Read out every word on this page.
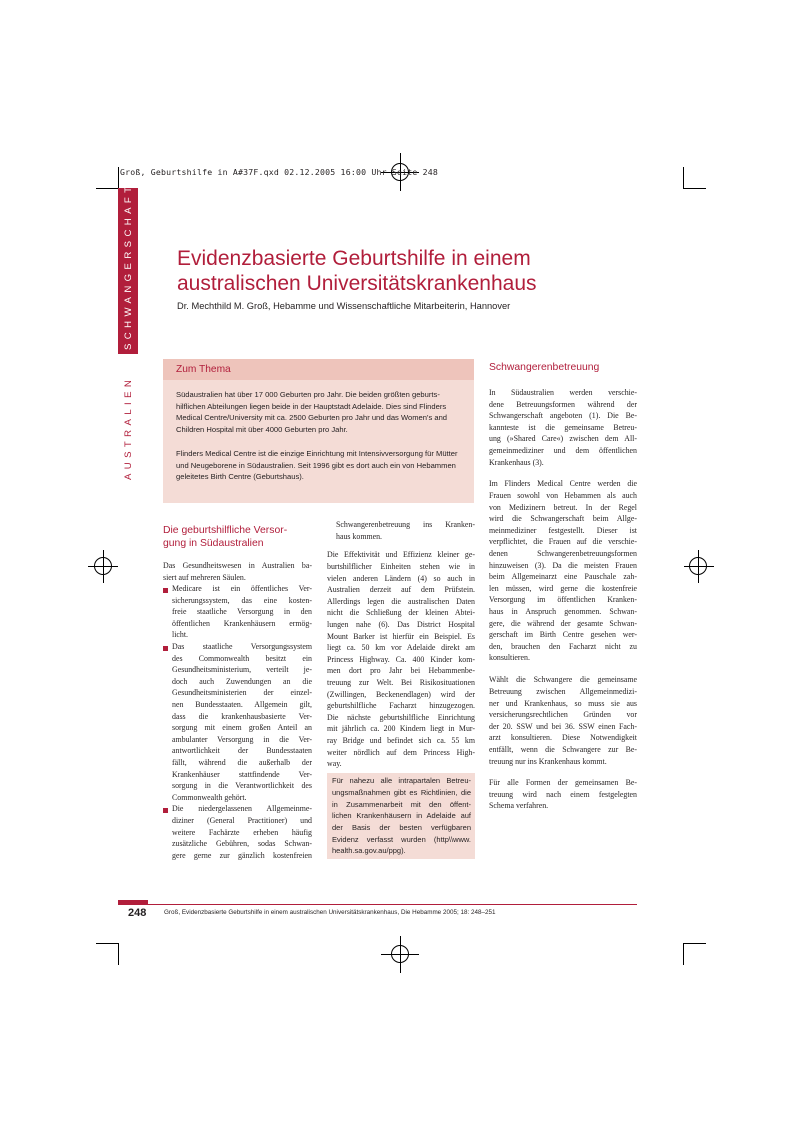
Groß, Geburtshilfe in A#37F.qxd 02.12.2005 16:00 Uhr Seite 248
SCHWANGERSCHAFT
AUSTRALIEN
Evidenzbasierte Geburtshilfe in einem australischen Universitätskrankenhaus
Dr. Mechthild M. Groß, Hebamme und Wissenschaftliche Mitarbeiterin, Hannover
Zum Thema

Südaustralien hat über 17 000 Geburten pro Jahr. Die beiden größten geburts-hilflichen Abteilungen liegen beide in der Hauptstadt Adelaide. Dies sind Flinders Medical Centre/University mit ca. 2500 Geburten pro Jahr und das Women's and Children Hospital mit über 4000 Geburten pro Jahr.

Flinders Medical Centre ist die einzige Einrichtung mit Intensivversorgung für Mütter und Neugeborene in Südaustralien. Seit 1996 gibt es dort auch ein von Hebammen geleitetes Birth Centre (Geburtshaus).

Die geburtshilfliche Versor-

gung in Südaustralien

Das Gesundheitswesen in Australien ba-
siert auf mehreren Säulen.
Medicare ist ein öffentliches Ver-
sicherungssystem, das eine kosten-
freie staatliche Versorgung in den
öffentlichen Krankenhäusern ermög-
licht.
Das staatliche Versorgungssystem
des Commonwealth besitzt ein
Gesundheitsministerium, verteilt je-
doch auch Zuwendungen an die
Gesundheitsministerien der einzel-
nen Bundesstaaten. Allgemein gilt,
dass die krankenhausbasierte Ver-
sorgung mit einem großen Anteil an
ambulanter Versorgung in die Ver-
antwortlichkeit der Bundesstaaten
fällt, während die außerhalb der
Krankenhäuser stattfindende Ver-
sorgung in die Verantwortlichkeit des
Commonwealth gehört.
Die niedergelassenen Allgemeinme-
diziner (General Practitioner) und
weitere Fachärzte erheben häufig
zusätzliche Gebühren, sodas Schwan-
gere gerne zur gänzlich kostenfreien
Schwangerenbetreuung ins Kranken-
haus kommen.
Die Effektivität und Effizienz kleiner ge-
burtshilflicher Einheiten stehen wie in
vielen anderen Ländern (4) so auch in
Australien derzeit auf dem Prüfstein.
Allerdings legen die australischen Daten
nicht die Schließung der kleinen Abtei-
lungen nahe (6). Das District Hospital
Mount Barker ist hierfür ein Beispiel. Es
liegt ca. 50 km vor Adelaide direkt am
Princess Highway. Ca. 400 Kinder kom-
men dort pro Jahr bei Hebammenbe-
treuung zur Welt. Bei Risikosituationen
(Zwillingen, Beckenendlagen) wird der
geburtshilfliche Facharzt hinzugezogen.
Die nächste geburtshilfliche Einrichtung
mit jährlich ca. 200 Kindern liegt in Mur-
ray Bridge und befindet sich ca. 55 km
weiter nördlich auf dem Princess High-
way.
Für nahezu alle intrapartalen Betreu-
ungsmaßnahmen gibt es Richtlinien, die
in Zusammenarbeit mit den öffent-
lichen Krankenhäusern in Adelaide auf
der Basis der besten verfügbaren
Evidenz verfasst wurden (http\\www.
health.sa.gov.au/ppg).
Schwangerenbetreuung
In Südaustralien werden verschie-
dene Betreuungsformen während der
Schwangerschaft angeboten (1). Die Be-
kannteste ist die gemeinsame Betreu-
ung (»Shared Care«) zwischen dem All-
gemeinmediziner und dem öffentlichen
Krankenhaus (3).
Im Flinders Medical Centre werden die
Frauen sowohl von Hebammen als auch
von Medizinern betreut. In der Regel
wird die Schwangerschaft beim Allge-
meinmediziner festgestellt. Dieser ist
verpflichtet, die Frauen auf die verschie-
denen Schwangerenbetreuungsformen
hinzuweisen (3). Da die meisten Frauen
beim Allgemeinarzt eine Pauschale zah-
len müssen, wird gerne die kostenfreie
Versorgung im öffentlichen Kranken-
haus in Anspruch genommen. Schwan-
gere, die während der gesamte Schwan-
gerschaft im Birth Centre gesehen wer-
den, brauchen den Facharzt nicht zu
konsultieren.
Wählt die Schwangere die gemeinsame
Betreuung zwischen Allgemeinmedizi-
ner und Krankenhaus, so muss sie aus
versicherungsrechtlichen Gründen vor
der 20. SSW und bei 36. SSW einen Fach-
arzt konsultieren. Diese Notwendigkeit
entfällt, wenn die Schwangere zur Be-
treuung nur ins Krankenhaus kommt.
Für alle Formen der gemeinsamen Be-
treuung wird nach einem festgelegten
Schema verfahren.
248	Groß, Evidenzbasierte Geburtshilfe in einem australischen Universitätskrankenhaus, Die Hebamme 2005; 18: 248–251
